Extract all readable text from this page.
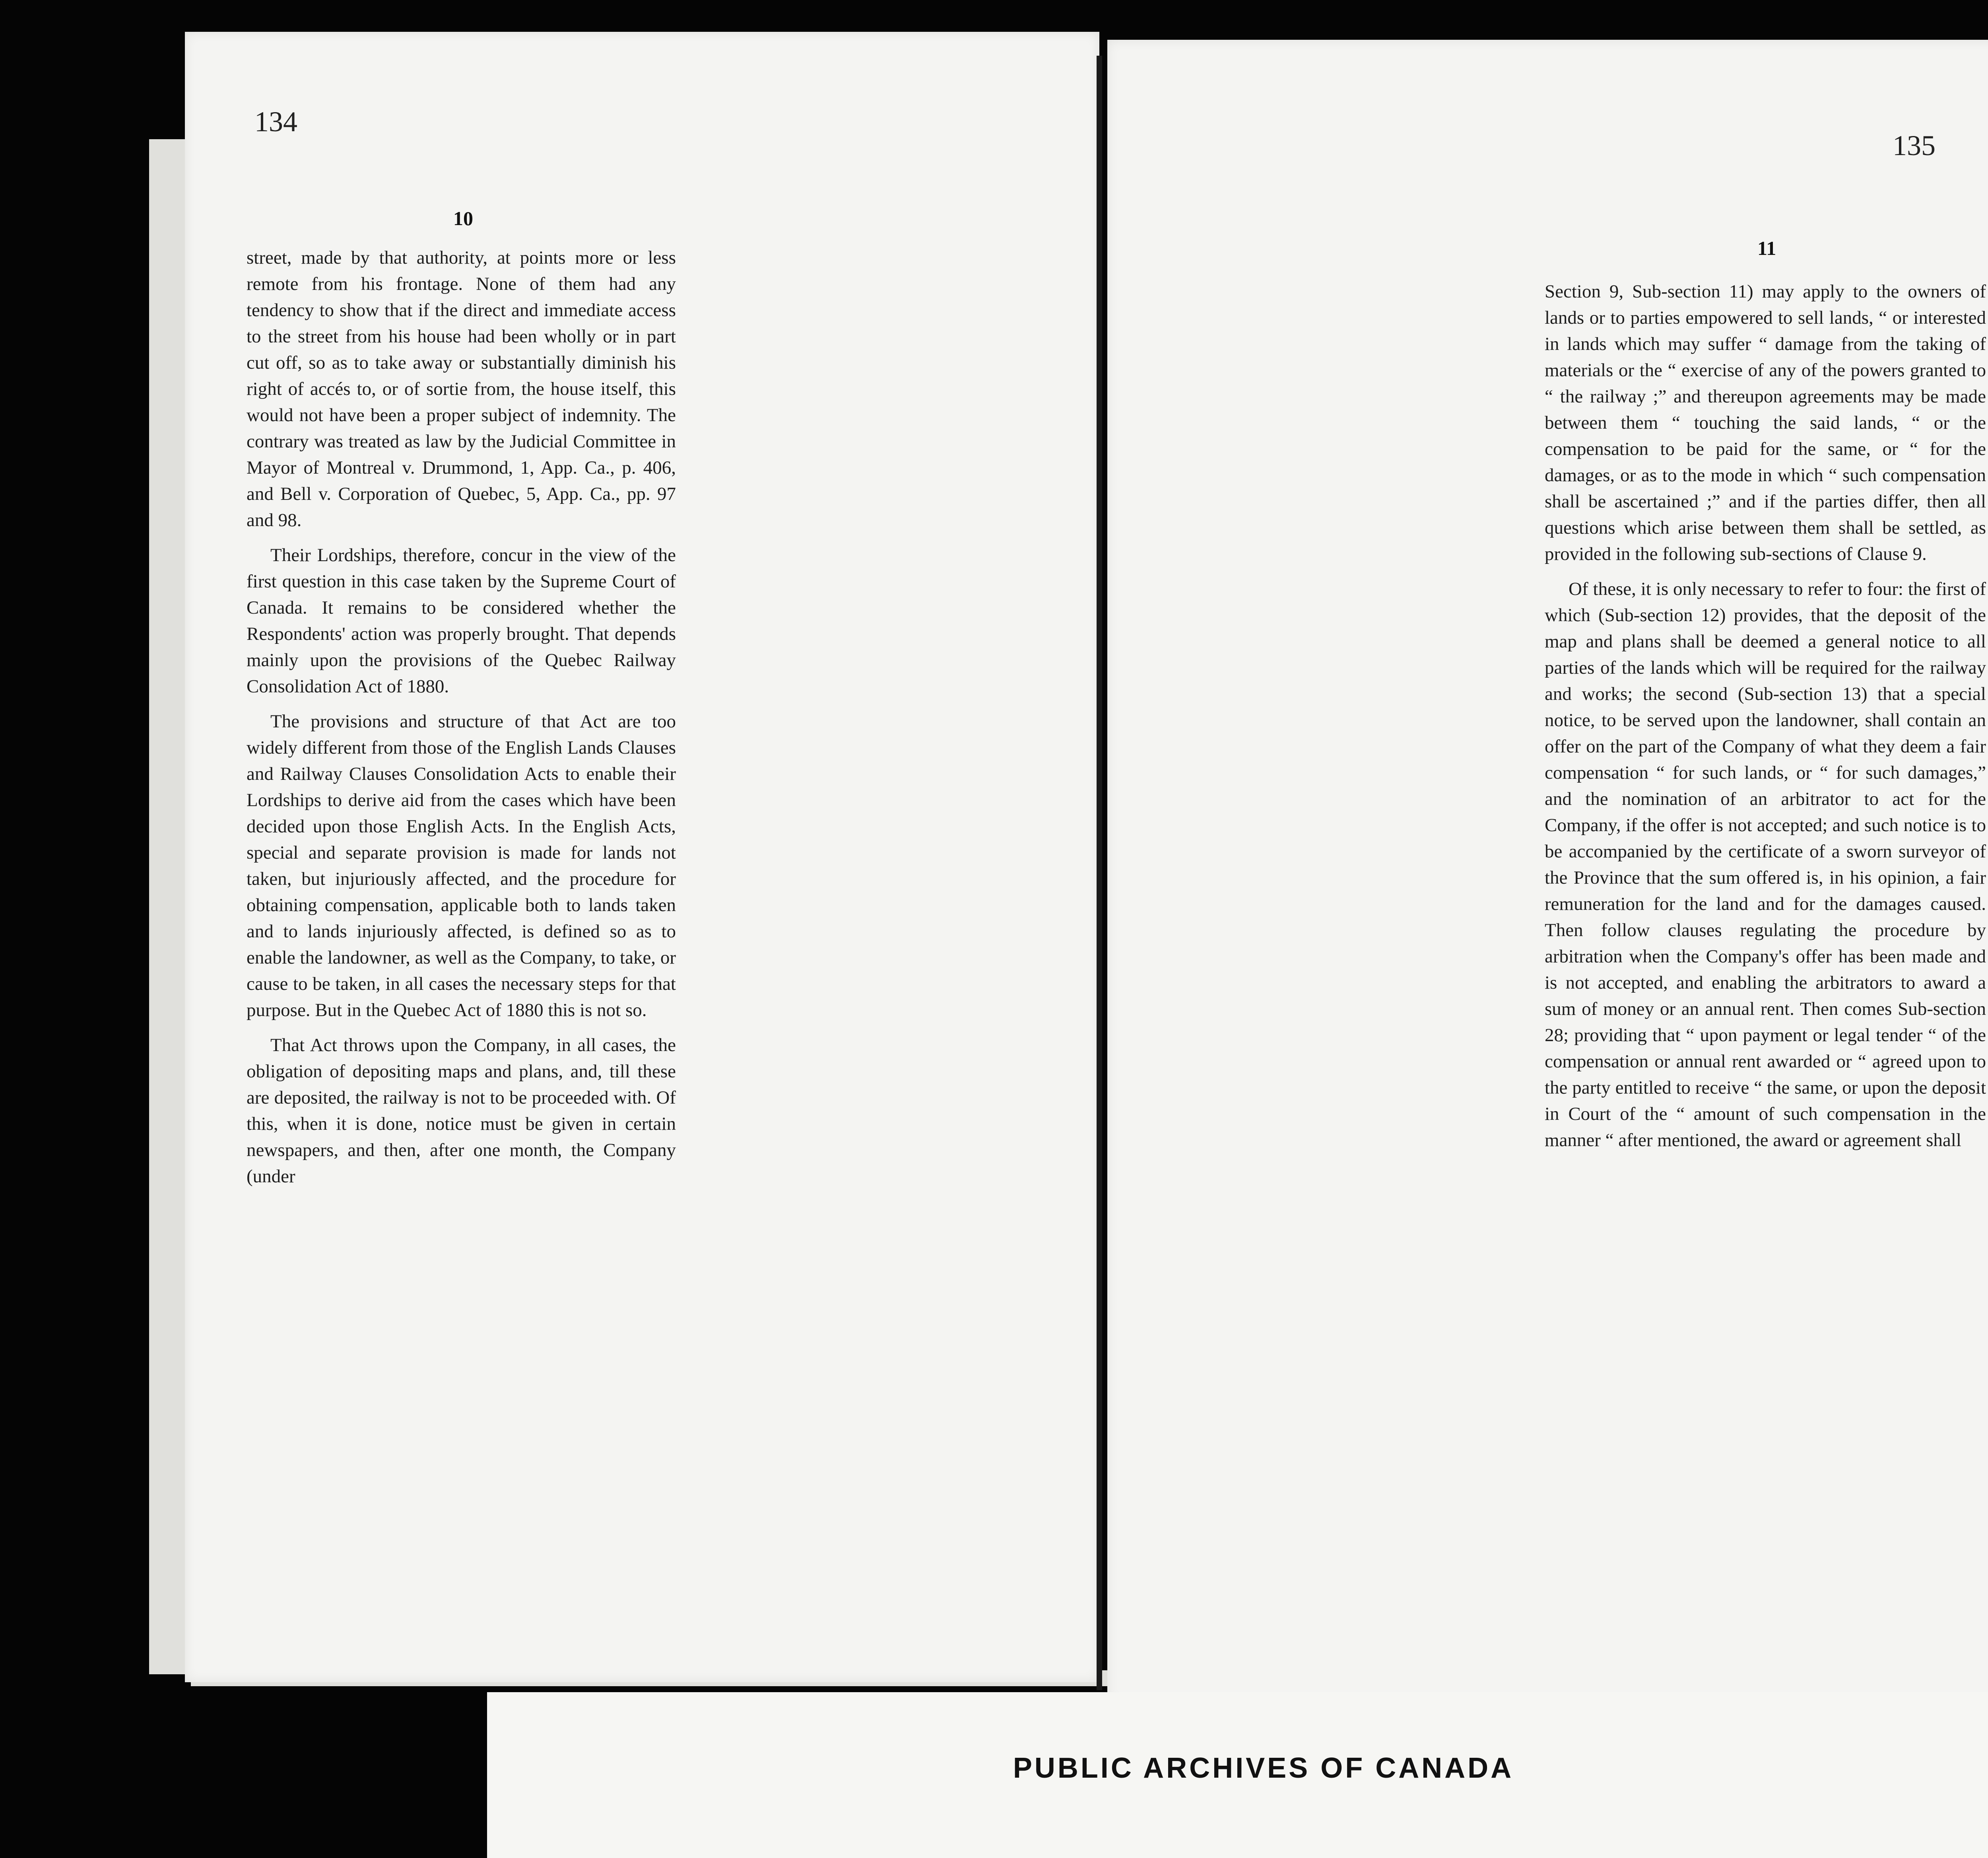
134
10

street, made by that authority, at points more or less remote from his frontage. None of them had any tendency to show that if the direct and immediate access to the street from his house had been wholly or in part cut off, so as to take away or substantially diminish his right of accés to, or of sortie from, the house itself, this would not have been a proper subject of indemnity. The contrary was treated as law by the Judicial Committee in Mayor of Montreal v. Drummond, 1, App. Ca., p. 406, and Bell v. Corporation of Quebec, 5, App. Ca., pp. 97 and 98.

Their Lordships, therefore, concur in the view of the first question in this case taken by the Supreme Court of Canada. It remains to be considered whether the Respondents' action was properly brought. That depends mainly upon the provisions of the Quebec Railway Consolidation Act of 1880.

The provisions and structure of that Act are too widely different from those of the English Lands Clauses and Railway Clauses Consolidation Acts to enable their Lordships to derive aid from the cases which have been decided upon those English Acts. In the English Acts, special and separate provision is made for lands not taken, but injuriously affected, and the procedure for obtaining compensation, applicable both to lands taken and to lands injuriously affected, is defined so as to enable the landowner, as well as the Company, to take, or cause to be taken, in all cases the necessary steps for that purpose. But in the Quebec Act of 1880 this is not so.

That Act throws upon the Company, in all cases, the obligation of depositing maps and plans, and, till these are deposited, the railway is not to be proceeded with. Of this, when it is done, notice must be given in certain newspapers, and then, after one month, the Company (under

135
11

Section 9, Sub-section 11) may apply to the owners of lands or to parties empowered to sell lands, “ or interested in lands which may suffer “ damage from the taking of materials or the “ exercise of any of the powers granted to “ the railway ;” and thereupon agreements may be made between them “ touching the said lands, “ or the compensation to be paid for the same, or “ for the damages, or as to the mode in which “ such compensation shall be ascertained ;” and if the parties differ, then all questions which arise between them shall be settled, as provided in the following sub-sections of Clause 9.

Of these, it is only necessary to refer to four: the first of which (Sub-section 12) provides, that the deposit of the map and plans shall be deemed a general notice to all parties of the lands which will be required for the railway and works; the second (Sub-section 13) that a special notice, to be served upon the landowner, shall contain an offer on the part of the Company of what they deem a fair compensation “ for such lands, or “ for such damages,” and the nomination of an arbitrator to act for the Company, if the offer is not accepted; and such notice is to be accompanied by the certificate of a sworn surveyor of the Province that the sum offered is, in his opinion, a fair remuneration for the land and for the damages caused. Then follow clauses regulating the procedure by arbitration when the Company's offer has been made and is not accepted, and enabling the arbitrators to award a sum of money or an annual rent. Then comes Sub-section 28; providing that “ upon payment or legal tender “ of the compensation or annual rent awarded or “ agreed upon to the party entitled to receive “ the same, or upon the deposit in Court of the “ amount of such compensation in the manner “ after mentioned, the award or agreement shall

PUBLIC ARCHIVES OF CANADA
